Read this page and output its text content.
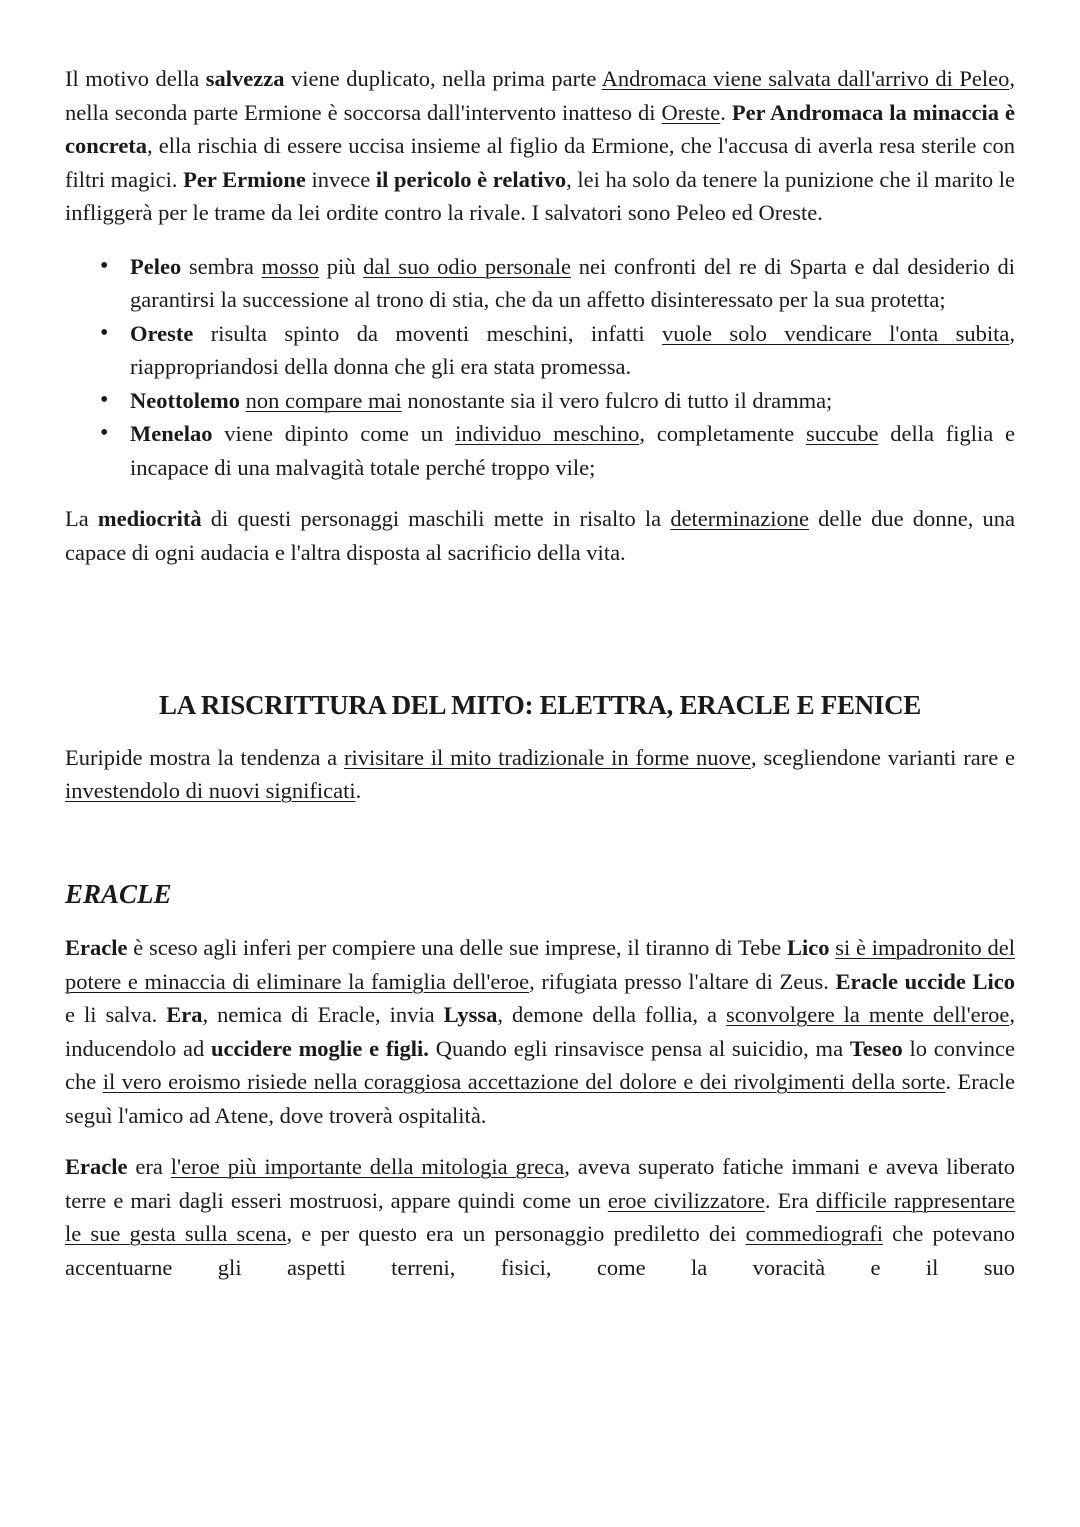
Il motivo della salvezza viene duplicato, nella prima parte Andromaca viene salvata dall'arrivo di Peleo, nella seconda parte Ermione è soccorsa dall'intervento inatteso di Oreste. Per Andromaca la minaccia è concreta, ella rischia di essere uccisa insieme al figlio da Ermione, che l'accusa di averla resa sterile con filtri magici. Per Ermione invece il pericolo è relativo, lei ha solo da tenere la punizione che il marito le infliggerà per le trame da lei ordite contro la rivale. I salvatori sono Peleo ed Oreste.

• Peleo sembra mosso più dal suo odio personale nei confronti del re di Sparta e dal desiderio di garantirsi la successione al trono di stia, che da un affetto disinteressato per la sua protetta;
• Oreste risulta spinto da moventi meschini, infatti vuole solo vendicare l'onta subita, riappropriandosi della donna che gli era stata promessa.
• Neottolemo non compare mai nonostante sia il vero fulcro di tutto il dramma;
• Menelao viene dipinto come un individuo meschino, completamente succube della figlia e incapace di una malvagità totale perché troppo vile;

La mediocrità di questi personaggi maschili mette in risalto la determinazione delle due donne, una capace di ogni audacia e l'altra disposta al sacrificio della vita.

LA RISCRITTURA DEL MITO: ELETTRA, ERACLE E FENICE

Euripide mostra la tendenza a rivisitare il mito tradizionale in forme nuove, scegliendone varianti rare e investendolo di nuovi significati.

ERACLE

Eracle è sceso agli inferi per compiere una delle sue imprese, il tiranno di Tebe Lico si è impadronito del potere e minaccia di eliminare la famiglia dell'eroe, rifugiata presso l'altare di Zeus. Eracle uccide Lico e li salva. Era, nemica di Eracle, invia Lyssa, demone della follia, a sconvolgere la mente dell'eroe, inducendolo ad uccidere moglie e figli. Quando egli rinsavisce pensa al suicidio, ma Teseo lo convince che il vero eroismo risiede nella coraggiosa accettazione del dolore e dei rivolgimenti della sorte. Eracle seguì l'amico ad Atene, dove troverà ospitalità.

Eracle era l'eroe più importante della mitologia greca, aveva superato fatiche immani e aveva liberato terre e mari dagli esseri mostruosi, appare quindi come un eroe civilizzatore. Era difficile rappresentare le sue gesta sulla scena, e per questo era un personaggio prediletto dei commediografi che potevano accentuarne gli aspetti terreni, fisici, come la voracità e il suo
